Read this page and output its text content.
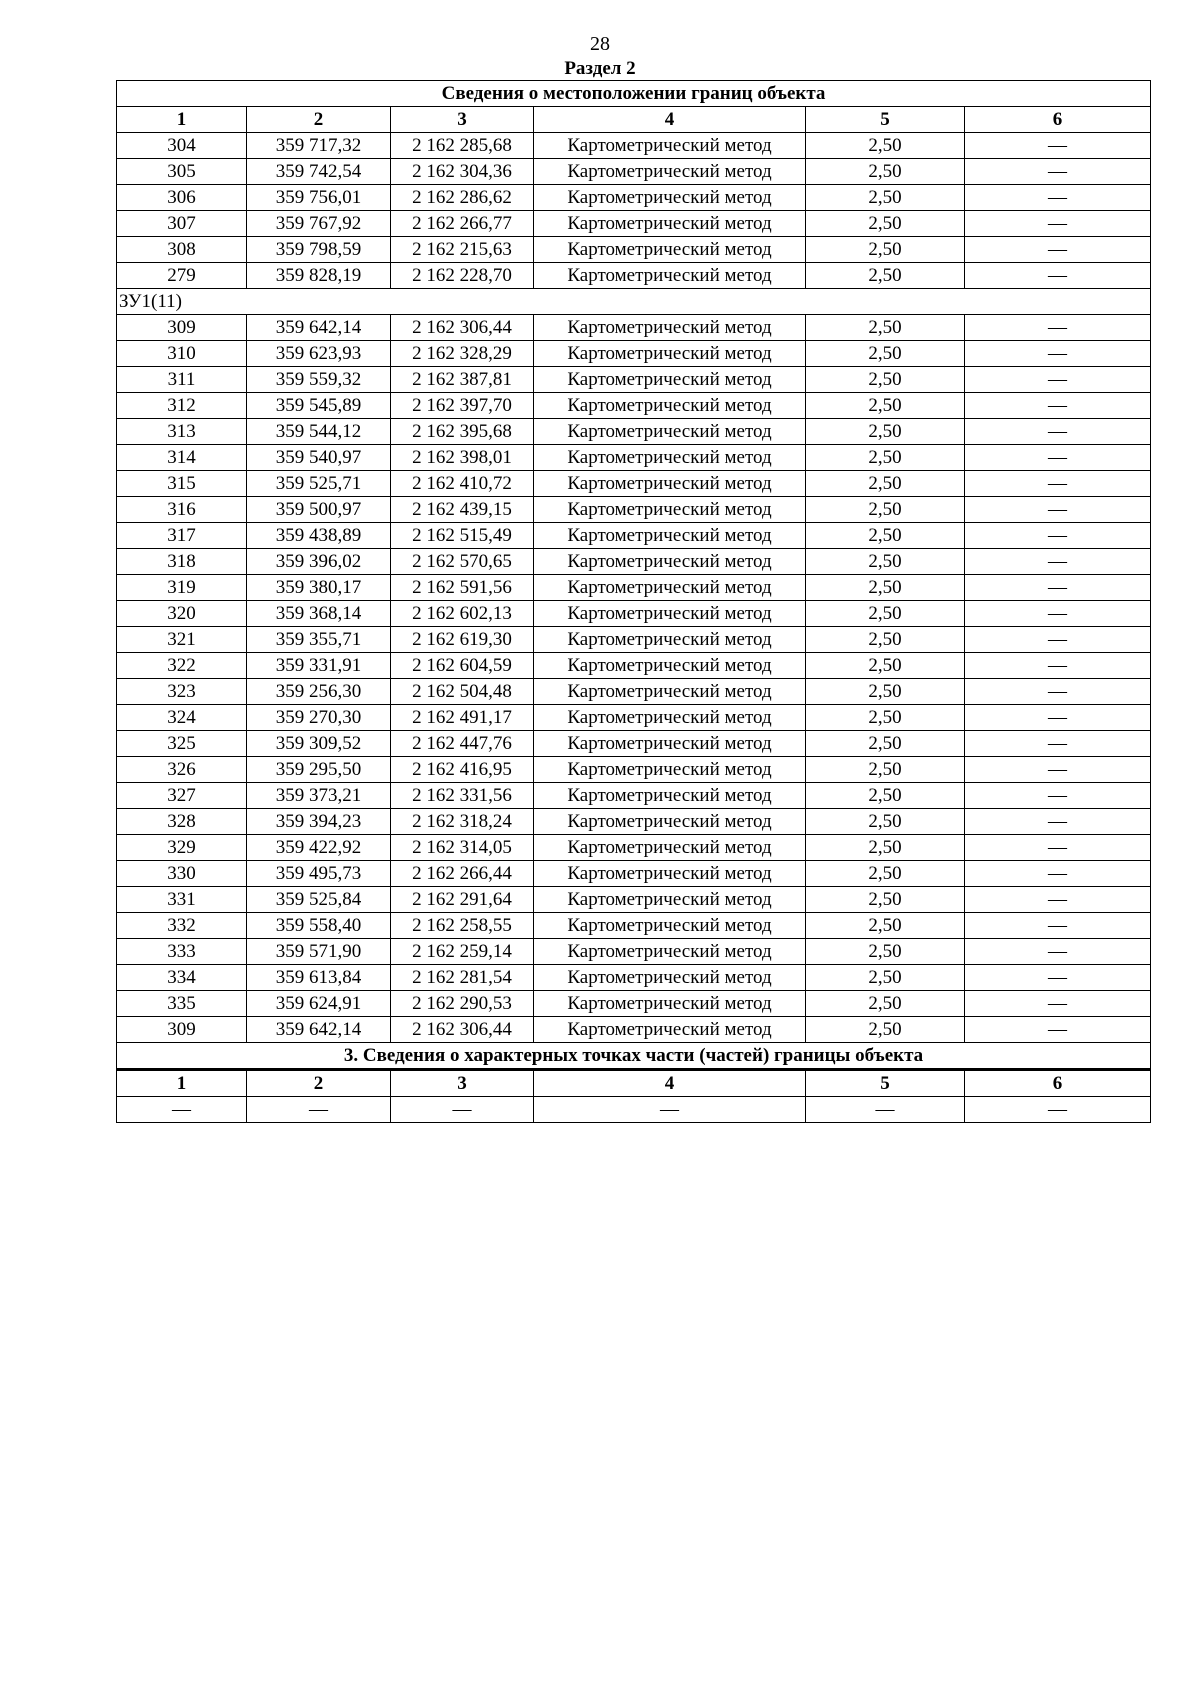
28
Раздел 2
Сведения о местоположении границ объекта					
1	2	3	4	5	6
304	359 717,32	2 162 285,68	Картометрический метод	2,50	—
305	359 742,54	2 162 304,36	Картометрический метод	2,50	—
306	359 756,01	2 162 286,62	Картометрический метод	2,50	—
307	359 767,92	2 162 266,77	Картометрический метод	2,50	—
308	359 798,59	2 162 215,63	Картометрический метод	2,50	—
279	359 828,19	2 162 228,70	Картометрический метод	2,50	—
ЗУ1(11)					
309	359 642,14	2 162 306,44	Картометрический метод	2,50	—
310	359 623,93	2 162 328,29	Картометрический метод	2,50	—
311	359 559,32	2 162 387,81	Картометрический метод	2,50	—
312	359 545,89	2 162 397,70	Картометрический метод	2,50	—
313	359 544,12	2 162 395,68	Картометрический метод	2,50	—
314	359 540,97	2 162 398,01	Картометрический метод	2,50	—
315	359 525,71	2 162 410,72	Картометрический метод	2,50	—
316	359 500,97	2 162 439,15	Картометрический метод	2,50	—
317	359 438,89	2 162 515,49	Картометрический метод	2,50	—
318	359 396,02	2 162 570,65	Картометрический метод	2,50	—
319	359 380,17	2 162 591,56	Картометрический метод	2,50	—
320	359 368,14	2 162 602,13	Картометрический метод	2,50	—
321	359 355,71	2 162 619,30	Картометрический метод	2,50	—
322	359 331,91	2 162 604,59	Картометрический метод	2,50	—
323	359 256,30	2 162 504,48	Картометрический метод	2,50	—
324	359 270,30	2 162 491,17	Картометрический метод	2,50	—
325	359 309,52	2 162 447,76	Картометрический метод	2,50	—
326	359 295,50	2 162 416,95	Картометрический метод	2,50	—
327	359 373,21	2 162 331,56	Картометрический метод	2,50	—
328	359 394,23	2 162 318,24	Картометрический метод	2,50	—
329	359 422,92	2 162 314,05	Картометрический метод	2,50	—
330	359 495,73	2 162 266,44	Картометрический метод	2,50	—
331	359 525,84	2 162 291,64	Картометрический метод	2,50	—
332	359 558,40	2 162 258,55	Картометрический метод	2,50	—
333	359 571,90	2 162 259,14	Картометрический метод	2,50	—
334	359 613,84	2 162 281,54	Картометрический метод	2,50	—
335	359 624,91	2 162 290,53	Картометрический метод	2,50	—
309	359 642,14	2 162 306,44	Картометрический метод	2,50	—
3. Сведения о характерных точках части (частей) границы объекта					
1	2	3	4	5	6
—	—	—	—	—	—
